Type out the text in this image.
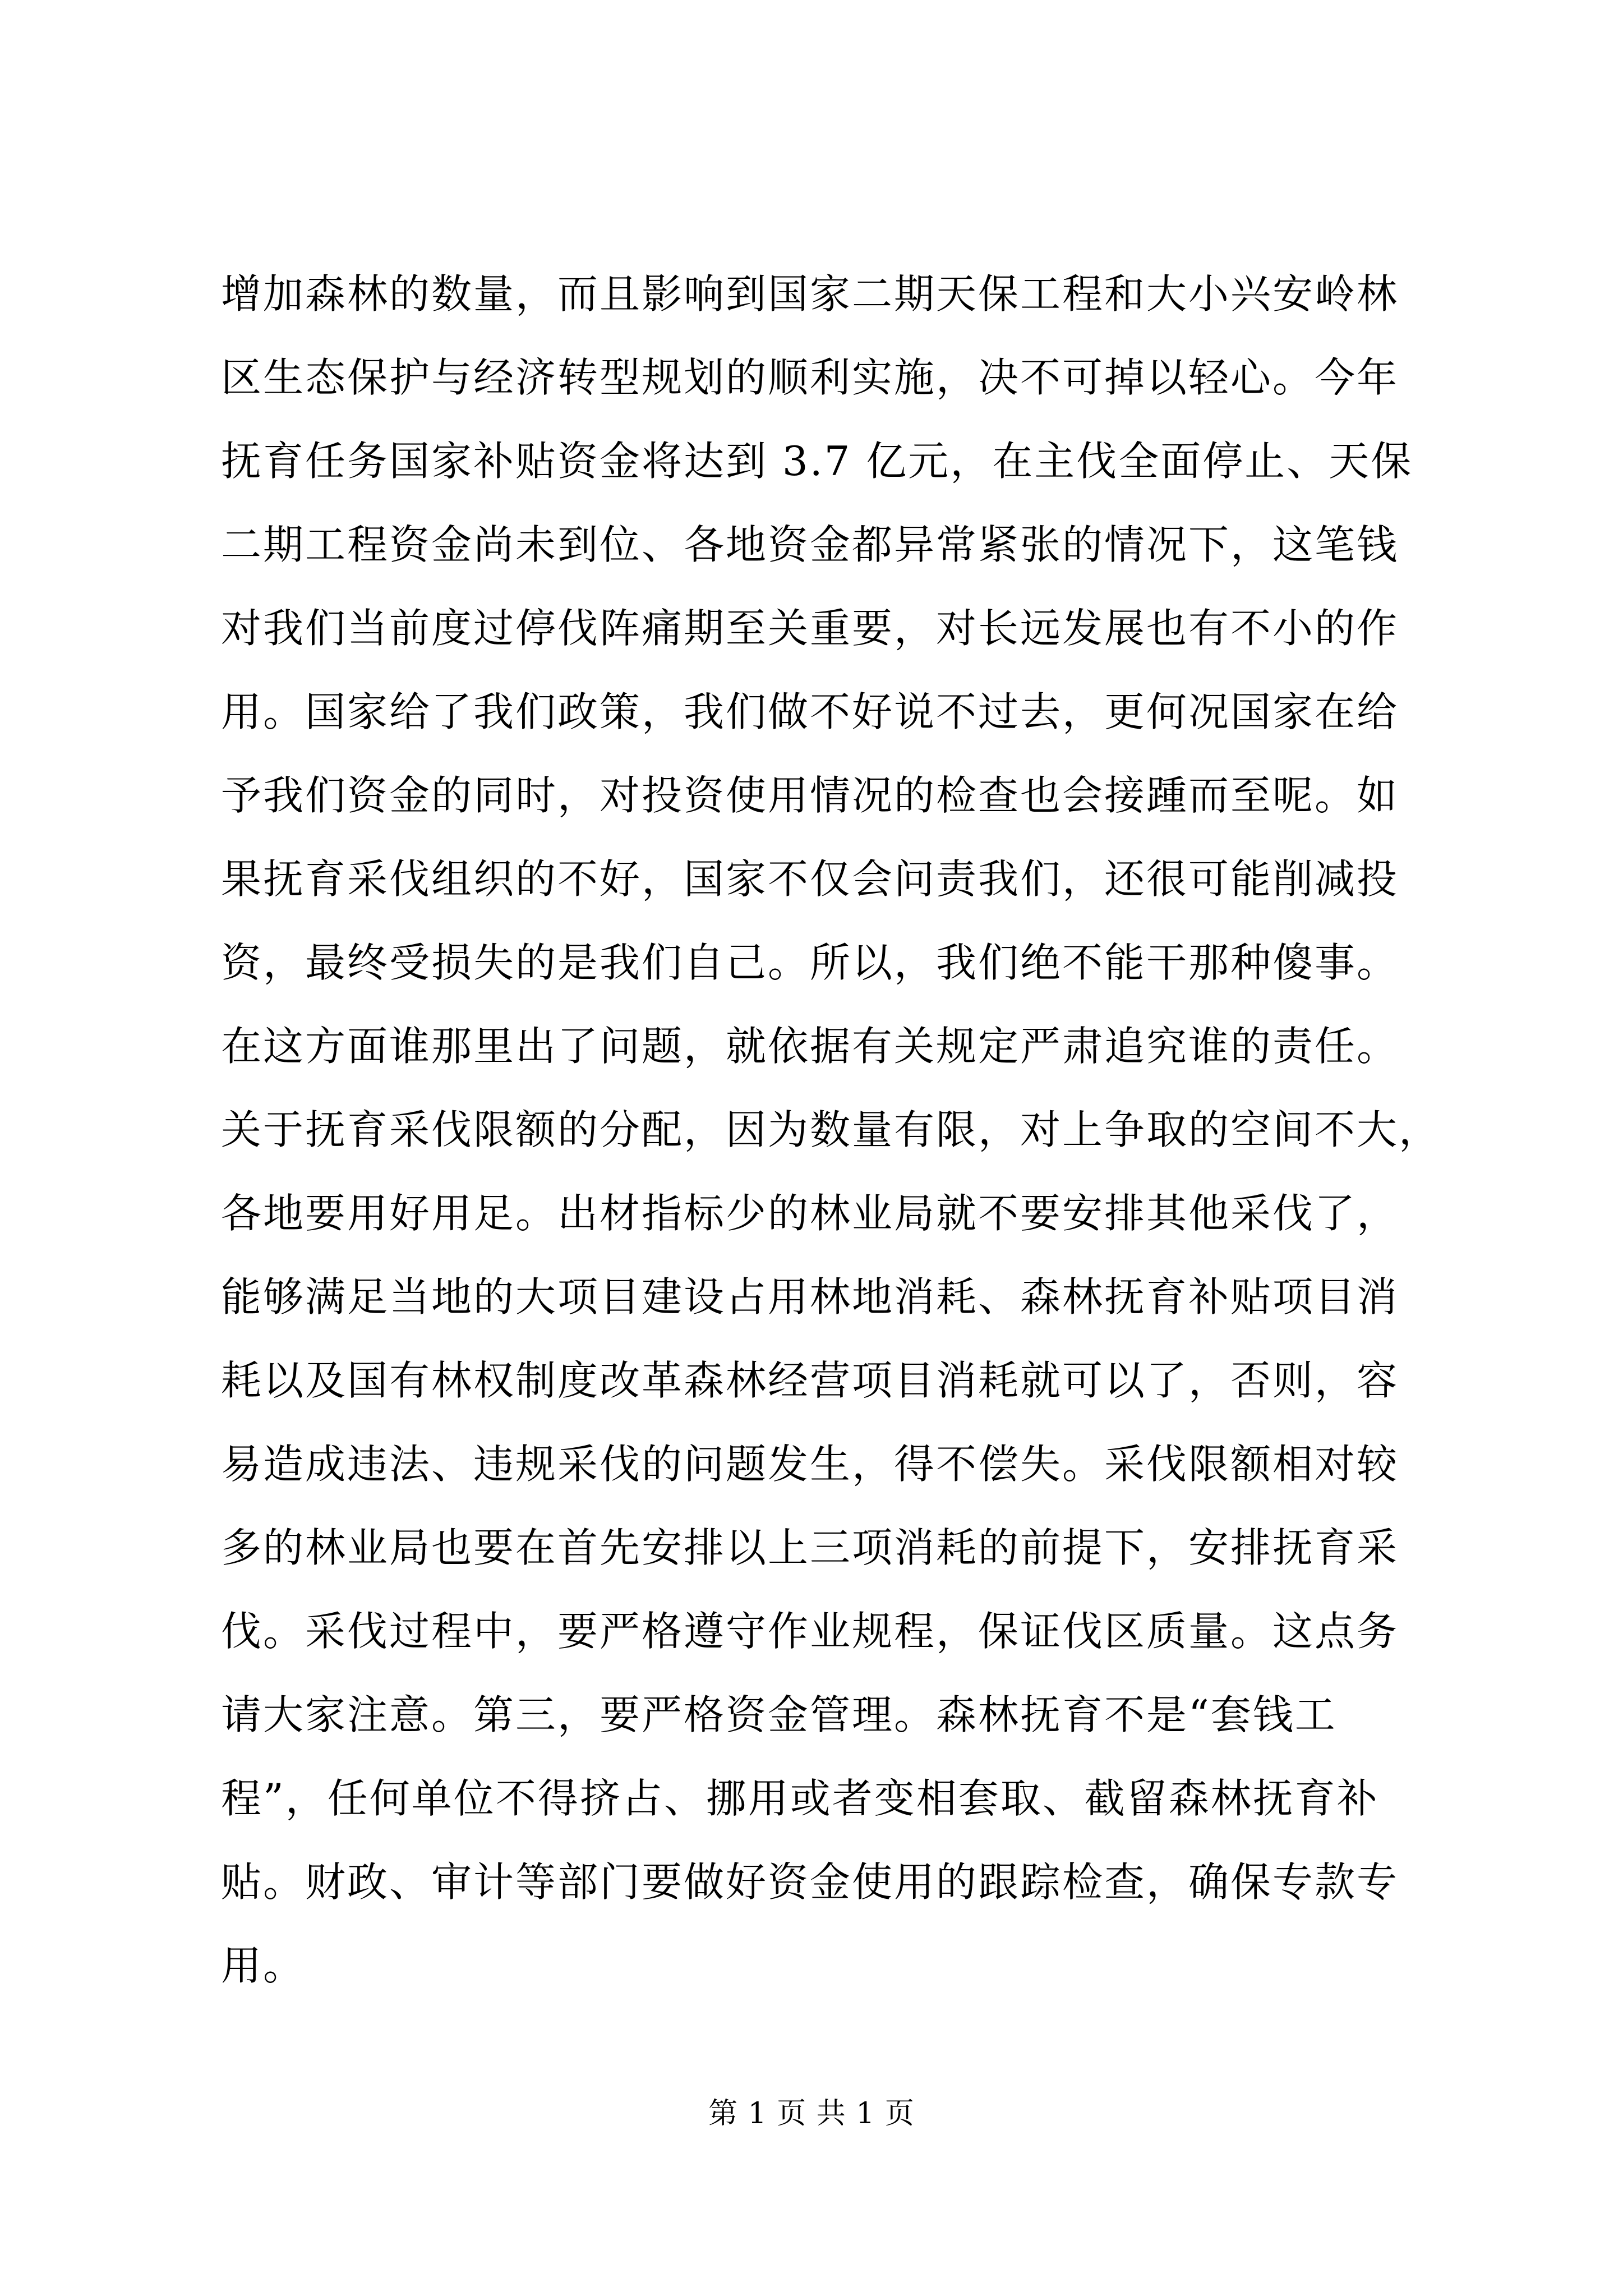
增加森林的数量，而且影响到国家二期天保工程和大小兴安岭林
区生态保护与经济转型规划的顺利实施，决不可掉以轻心。今年
抚育任务国家补贴资金将达到 3.7 亿元，在主伐全面停止、天保
二期工程资金尚未到位、各地资金都异常紧张的情况下，这笔钱
对我们当前度过停伐阵痛期至关重要，对长远发展也有不小的作
用。国家给了我们政策，我们做不好说不过去，更何况国家在给
予我们资金的同时，对投资使用情况的检查也会接踵而至呢。如
果抚育采伐组织的不好，国家不仅会问责我们，还很可能削减投
资，最终受损失的是我们自己。所以，我们绝不能干那种傻事。
在这方面谁那里出了问题，就依据有关规定严肃追究谁的责任。
关于抚育采伐限额的分配，因为数量有限，对上争取的空间不大，
各地要用好用足。出材指标少的林业局就不要安排其他采伐了，
能够满足当地的大项目建设占用林地消耗、森林抚育补贴项目消
耗以及国有林权制度改革森林经营项目消耗就可以了，否则，容
易造成违法、违规采伐的问题发生，得不偿失。采伐限额相对较
多的林业局也要在首先安排以上三项消耗的前提下，安排抚育采
伐。采伐过程中，要严格遵守作业规程，保证伐区质量。这点务
请大家注意。第三，要严格资金管理。森林抚育不是“套钱工
程”，任何单位不得挤占、挪用或者变相套取、截留森林抚育补
贴。财政、审计等部门要做好资金使用的跟踪检查，确保专款专
用。
第 1 页 共 1 页
